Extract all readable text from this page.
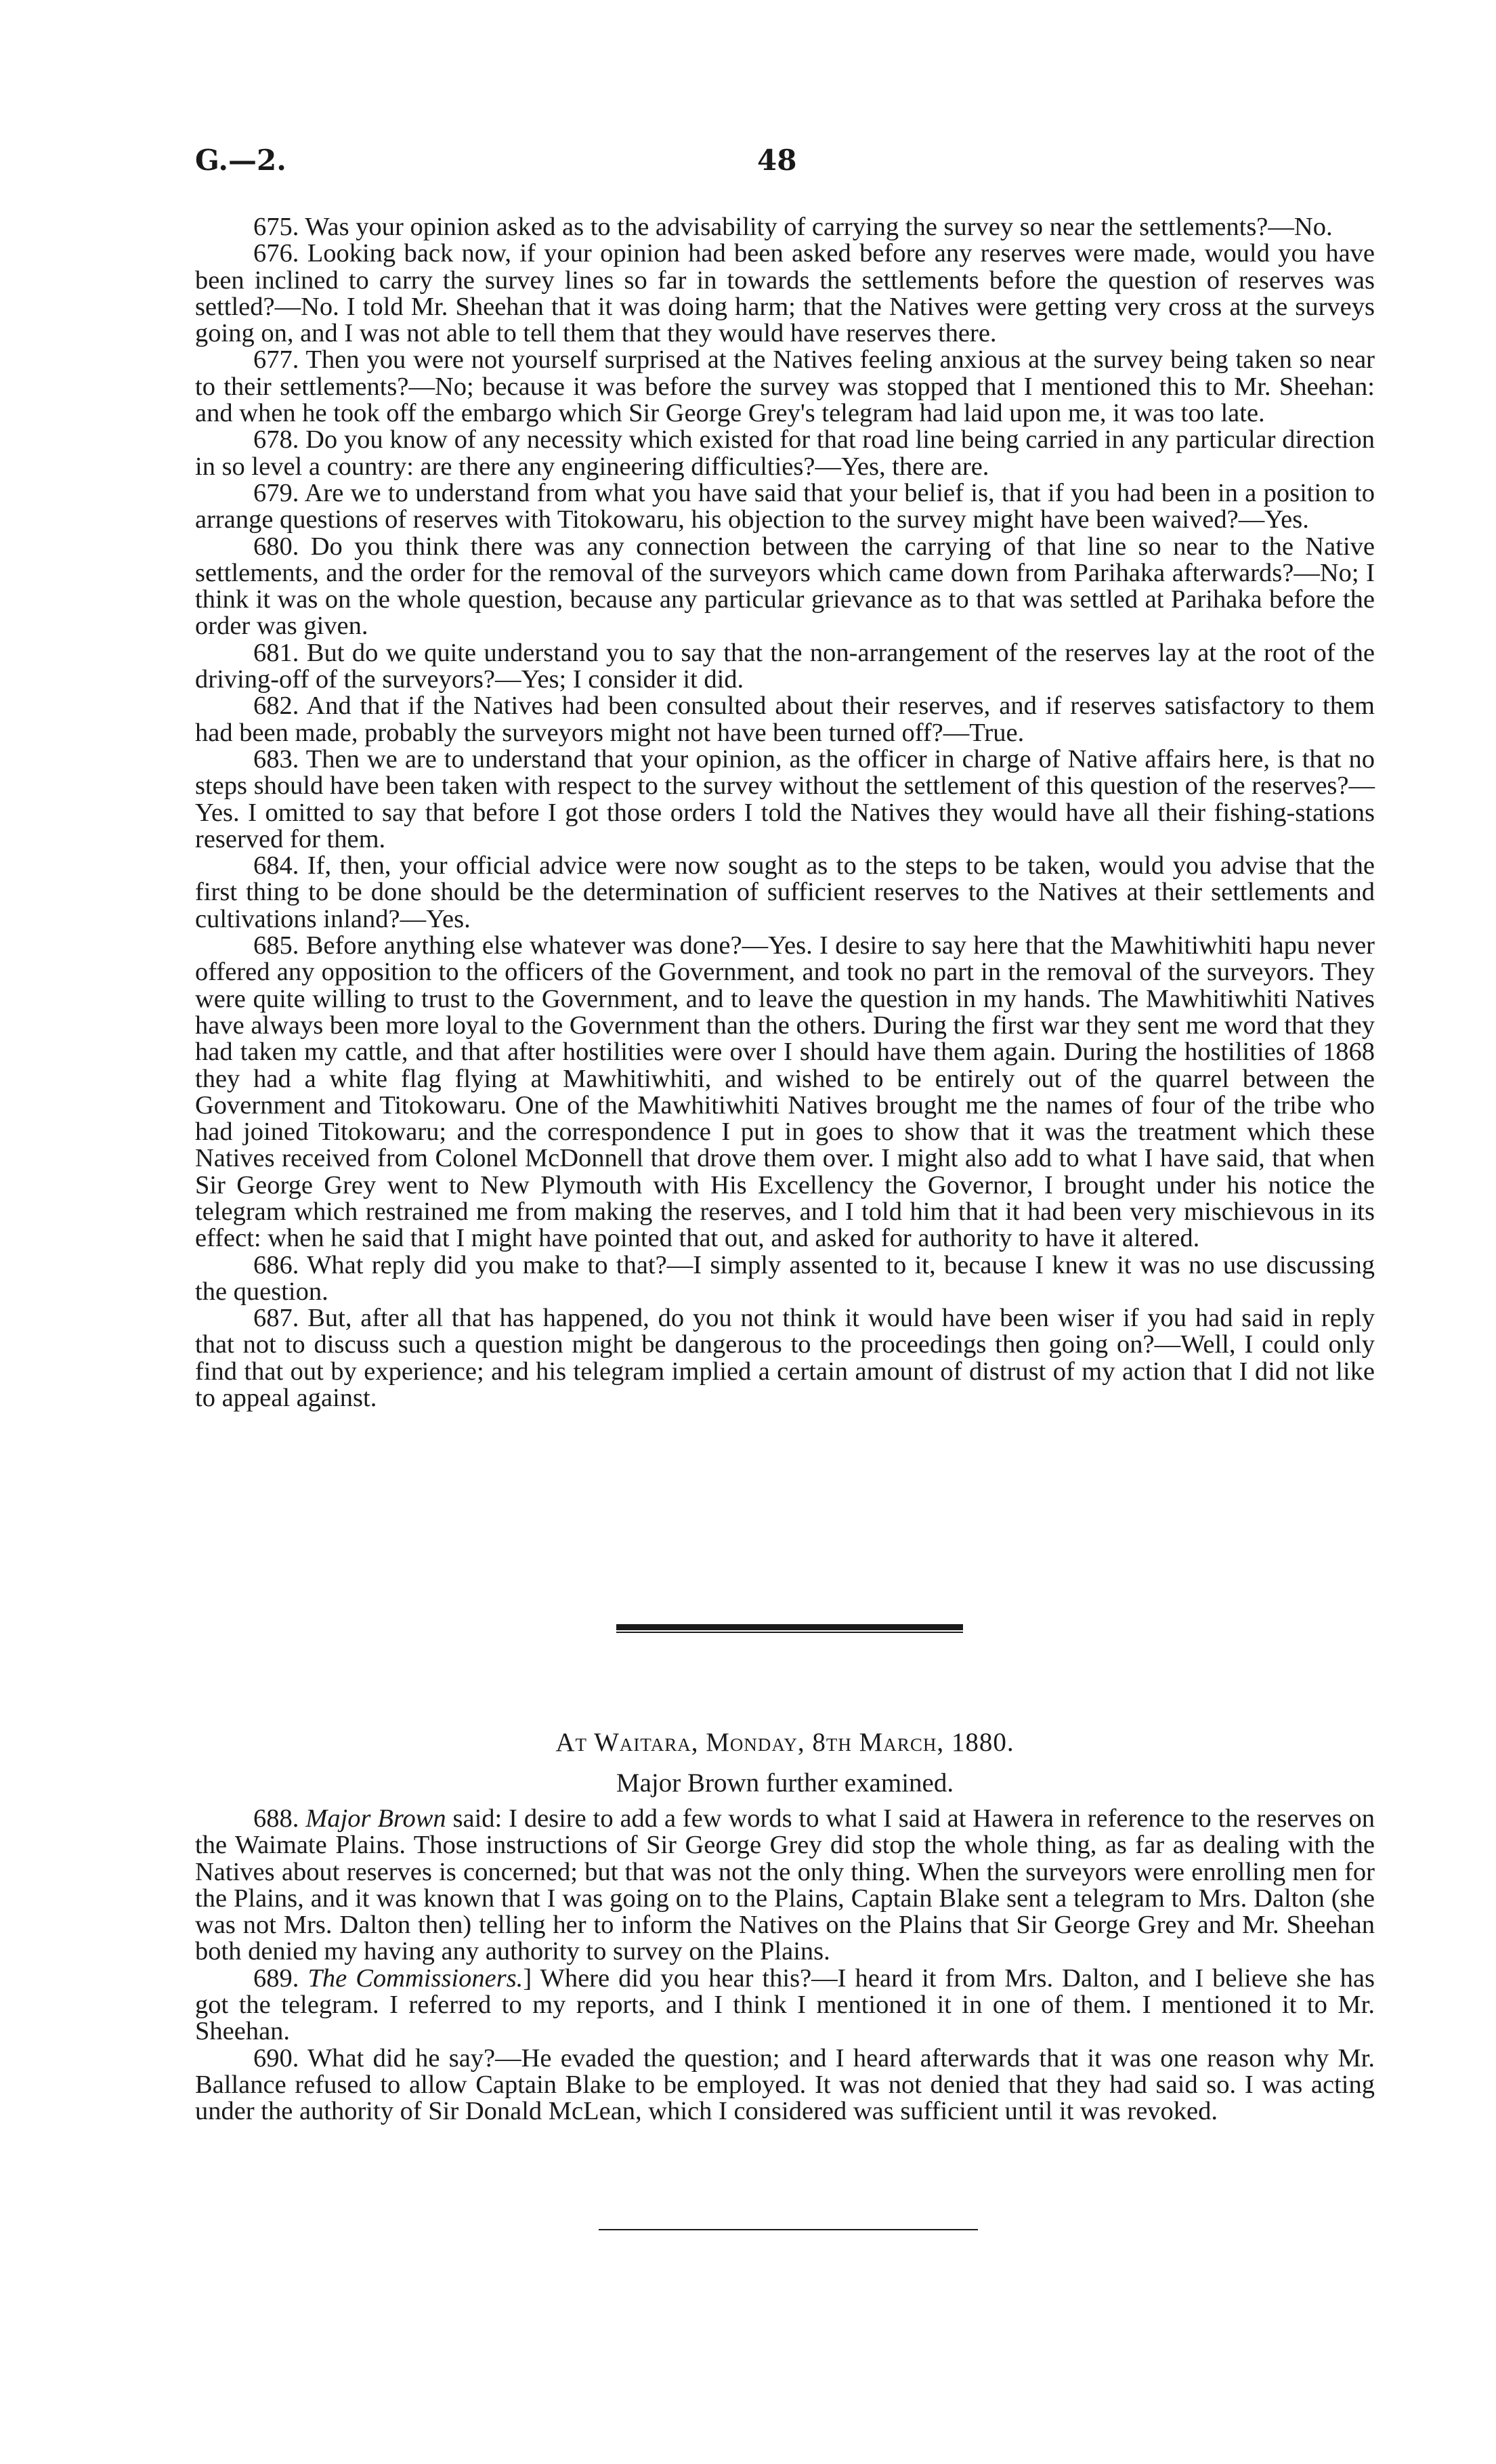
G.—2.	48

675. Was your opinion asked as to the advisability of carrying the survey so near the settlements?—No.

676. Looking back now, if your opinion had been asked before any reserves were made, would you have been inclined to carry the survey lines so far in towards the settlements before the question of reserves was settled?—No. I told Mr. Sheehan that it was doing harm; that the Natives were getting very cross at the surveys going on, and I was not able to tell them that they would have reserves there.

677. Then you were not yourself surprised at the Natives feeling anxious at the survey being taken so near to their settlements?—No; because it was before the survey was stopped that I mentioned this to Mr. Sheehan: and when he took off the embargo which Sir George Grey's telegram had laid upon me, it was too late.

678. Do you know of any necessity which existed for that road line being carried in any particular direction in so level a country: are there any engineering difficulties?—Yes, there are.

679. Are we to understand from what you have said that your belief is, that if you had been in a position to arrange questions of reserves with Titokowaru, his objection to the survey might have been waived?—Yes.

680. Do you think there was any connection between the carrying of that line so near to the Native settlements, and the order for the removal of the surveyors which came down from Parihaka afterwards?—No; I think it was on the whole question, because any particular grievance as to that was settled at Parihaka before the order was given.

681. But do we quite understand you to say that the non-arrangement of the reserves lay at the root of the driving-off of the surveyors?—Yes; I consider it did.

682. And that if the Natives had been consulted about their reserves, and if reserves satisfactory to them had been made, probably the surveyors might not have been turned off?—True.

683. Then we are to understand that your opinion, as the officer in charge of Native affairs here, is that no steps should have been taken with respect to the survey without the settlement of this question of the reserves?—Yes. I omitted to say that before I got those orders I told the Natives they would have all their fishing-stations reserved for them.

684. If, then, your official advice were now sought as to the steps to be taken, would you advise that the first thing to be done should be the determination of sufficient reserves to the Natives at their settlements and cultivations inland?—Yes.

685. Before anything else whatever was done?—Yes. I desire to say here that the Mawhitiwhiti hapu never offered any opposition to the officers of the Government, and took no part in the removal of the surveyors. They were quite willing to trust to the Government, and to leave the question in my hands. The Mawhitiwhiti Natives have always been more loyal to the Government than the others. During the first war they sent me word that they had taken my cattle, and that after hostilities were over I should have them again. During the hostilities of 1868 they had a white flag flying at Mawhitiwhiti, and wished to be entirely out of the quarrel between the Government and Titokowaru. One of the Mawhitiwhiti Natives brought me the names of four of the tribe who had joined Titokowaru; and the correspondence I put in goes to show that it was the treatment which these Natives received from Colonel McDonnell that drove them over. I might also add to what I have said, that when Sir George Grey went to New Plymouth with His Excellency the Governor, I brought under his notice the telegram which restrained me from making the reserves, and I told him that it had been very mischievous in its effect: when he said that I might have pointed that out, and asked for authority to have it altered.

686. What reply did you make to that?—I simply assented to it, because I knew it was no use discussing the question.

687. But, after all that has happened, do you not think it would have been wiser if you had said in reply that not to discuss such a question might be dangerous to the proceedings then going on?—Well, I could only find that out by experience; and his telegram implied a certain amount of distrust of my action that I did not like to appeal against.

At Waitara, Monday, 8th March, 1880.
Major Brown further examined.

688. Major Brown said: I desire to add a few words to what I said at Hawera in reference to the reserves on the Waimate Plains. Those instructions of Sir George Grey did stop the whole thing, as far as dealing with the Natives about reserves is concerned; but that was not the only thing. When the surveyors were enrolling men for the Plains, and it was known that I was going on to the Plains, Captain Blake sent a telegram to Mrs. Dalton (she was not Mrs. Dalton then) telling her to inform the Natives on the Plains that Sir George Grey and Mr. Sheehan both denied my having any authority to survey on the Plains.

689. The Commissioners.] Where did you hear this?—I heard it from Mrs. Dalton, and I believe she has got the telegram. I referred to my reports, and I think I mentioned it in one of them. I mentioned it to Mr. Sheehan.

690. What did he say?—He evaded the question; and I heard afterwards that it was one reason why Mr. Ballance refused to allow Captain Blake to be employed. It was not denied that they had said so. I was acting under the authority of Sir Donald McLean, which I considered was sufficient until it was revoked.
